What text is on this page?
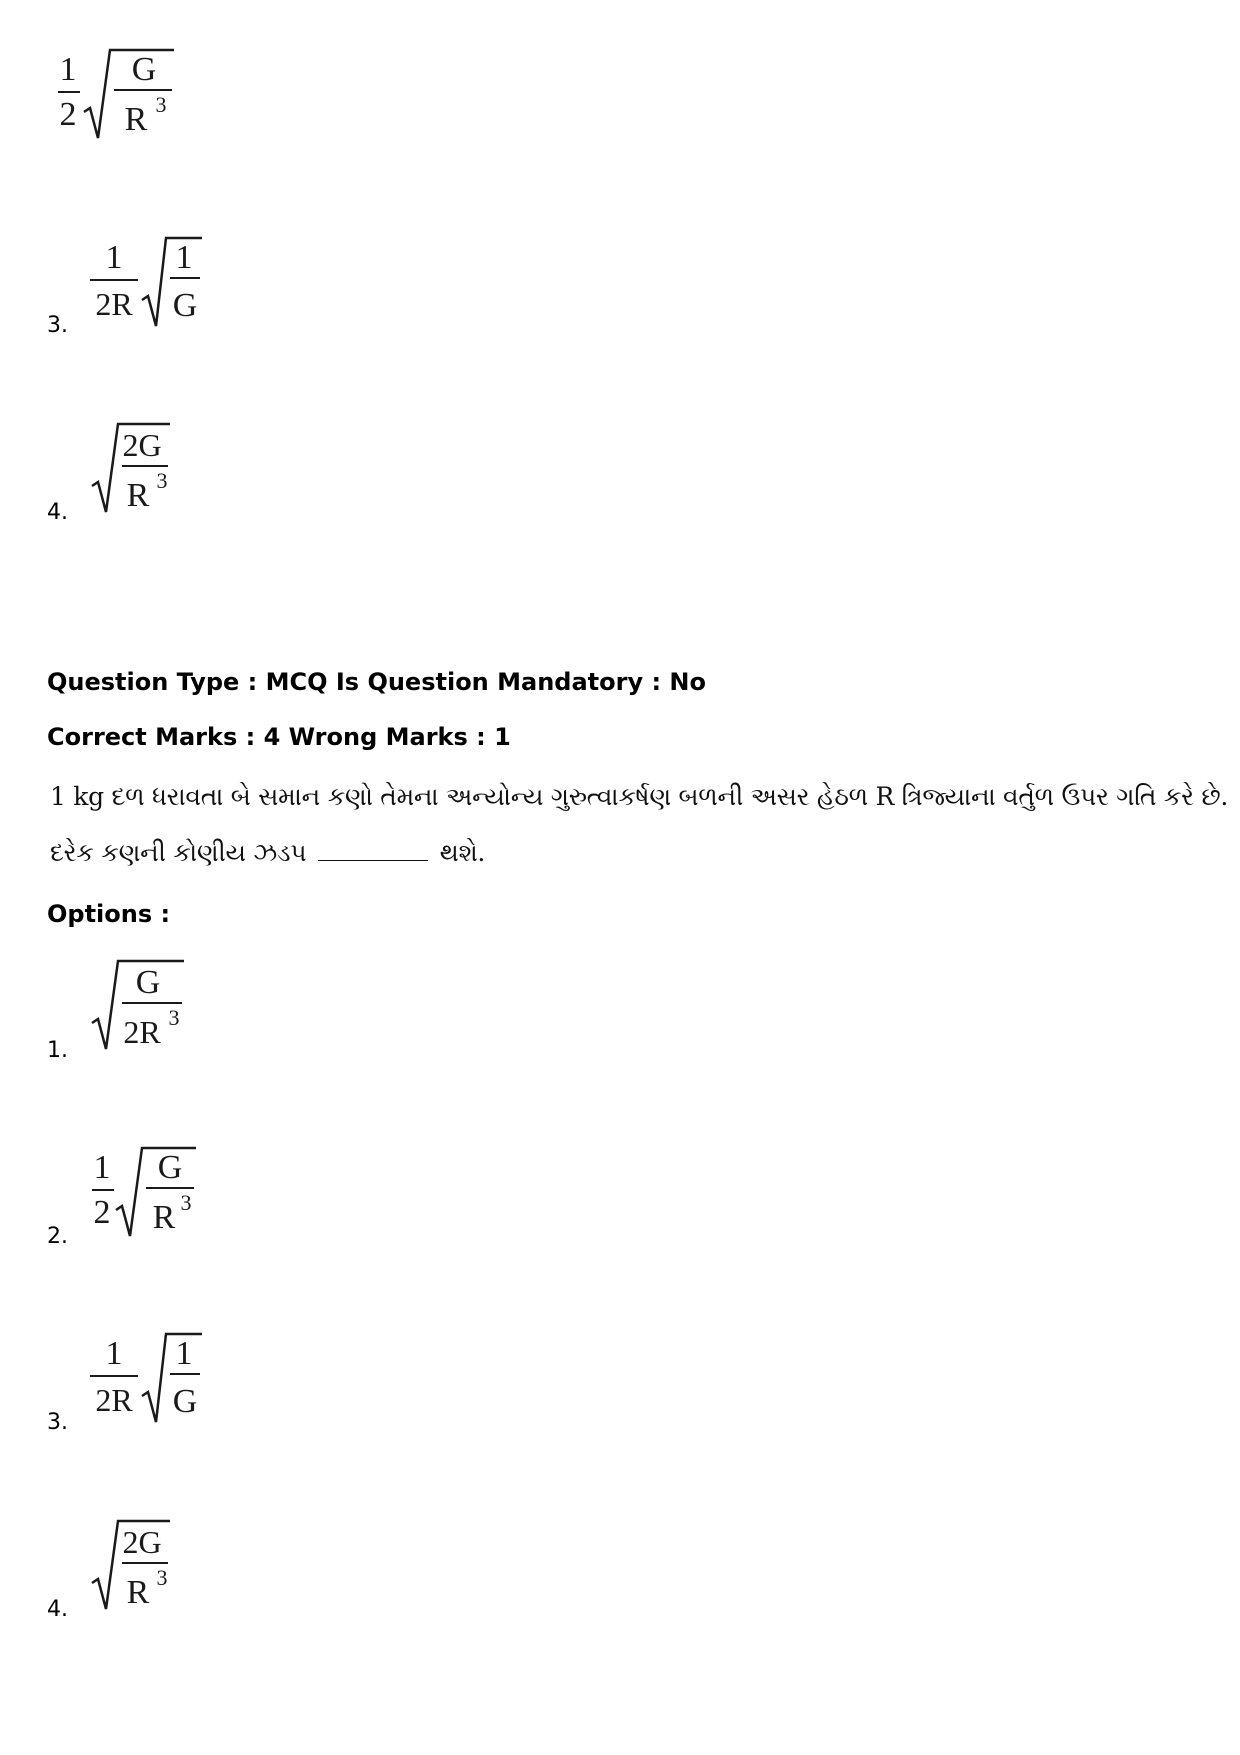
1
2
G
R 3
3.
1
2R
1
G
4.
2G
R 3
Question Type : MCQ Is Question Mandatory : No
Correct Marks : 4 Wrong Marks : 1
1 kg દળ ધરાવતા બે સમાન કણો તેમના અન્યોન્ય ગુરુત્વાકર્ષણ બળની અસર હેઠળ R ત્રિજ્યાના વર્તુળ ઉપર ગતિ કરે છે.
દરેક કણની કોણીય ઝડપ	થશે.
Options :
1.
G
2R 3
2.
1
2
G
R 3
3.
1
2R
1
G
4.
2G
R 3
